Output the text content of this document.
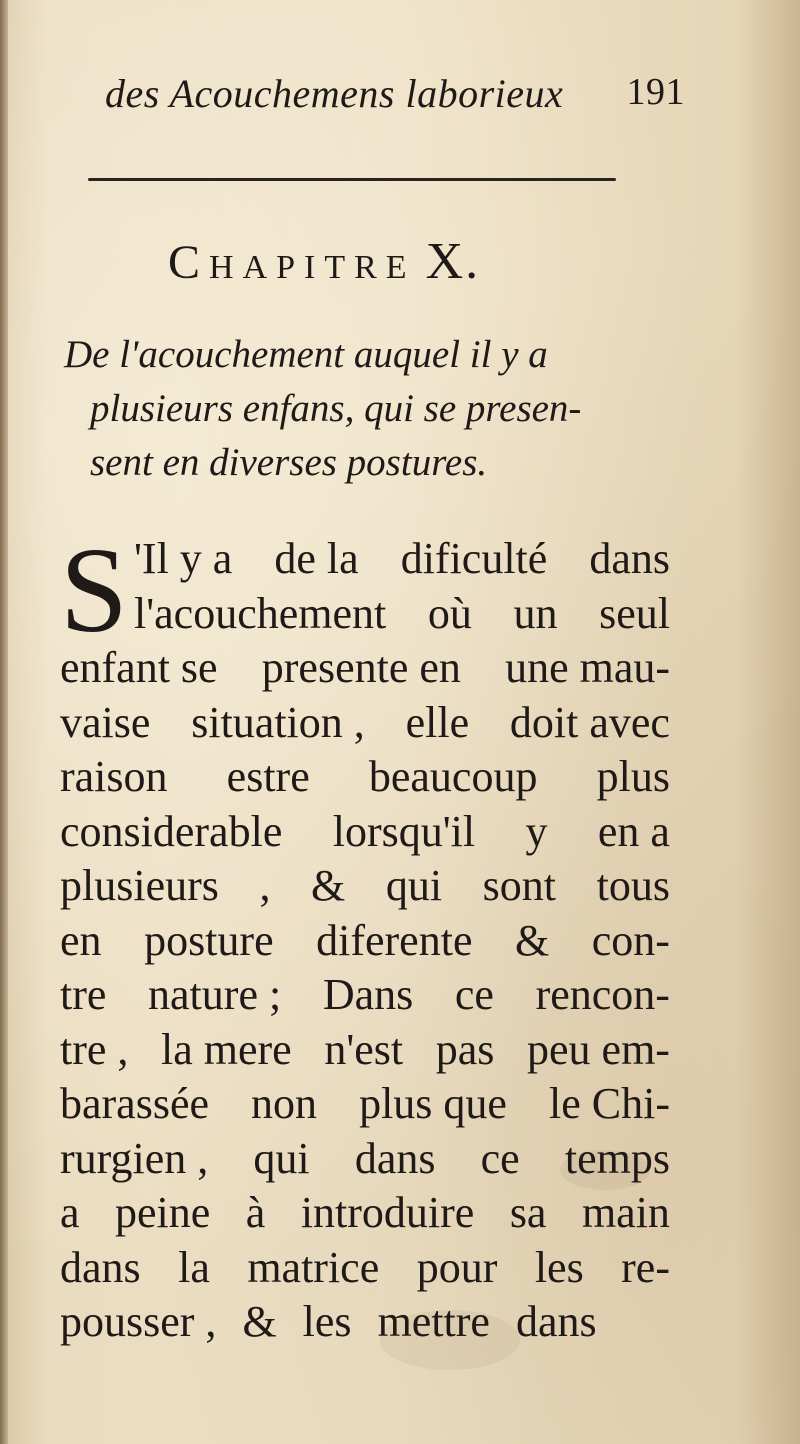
des Acouchemens laborieux 191
CHAPITRE X.
De l'acouchement auquel il y a
plusieurs enfans, qui se presen-
sent en diverses postures.
S 'Il y a de la dificulté dans
l'acouchement où un seul
enfant se presente en une mau-
vaise situation , elle doit avec
raison estre beaucoup plus
considerable lorsqu'il y en a
plusieurs , & qui sont tous
en posture diferente & con-
tre nature ; Dans ce rencon-
tre , la mere n'est pas peu em-
barassée non plus que le Chi-
rurgien , qui dans ce temps
a peine à introduire sa main
dans la matrice pour les re-
pousser , & les mettre dans
